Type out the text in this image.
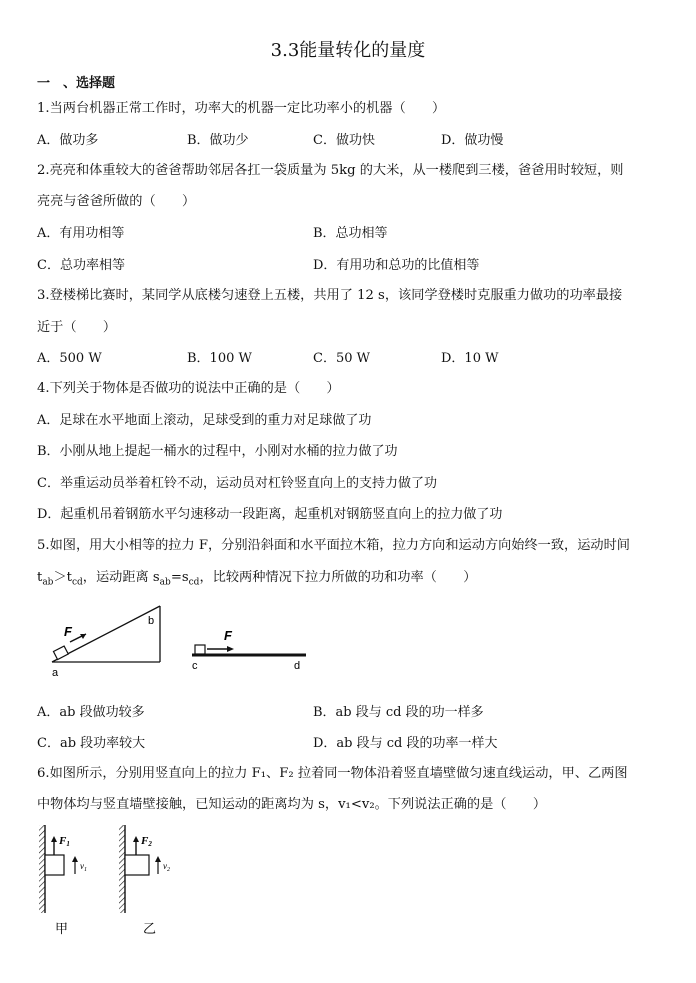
3.3能量转化的量度
一　、选择题
1.当两台机器正常工作时，功率大的机器一定比功率小的机器（　　）
A．做功多	B．做功少	C．做功快	D．做功慢
2.亮亮和体重较大的爸爸帮助邻居各扛一袋质量为 5kg 的大米，从一楼爬到三楼，爸爸用时较短，则
亮亮与爸爸所做的（　　）
A．有用功相等	B．总功相等
C．总功率相等	D．有用功和总功的比值相等
3.登楼梯比赛时，某同学从底楼匀速登上五楼，共用了 12 s，该同学登楼时克服重力做功的功率最接
近于（　　）
A．500 W	B．100 W	C．50 W	D．10 W
4.下列关于物体是否做功的说法中正确的是（　　）
A．足球在水平地面上滚动，足球受到的重力对足球做了功
B．小刚从地上提起一桶水的过程中，小刚对水桶的拉力做了功
C．举重运动员举着杠铃不动，运动员对杠铃竖直向上的支持力做了功
D．起重机吊着钢筋水平匀速移动一段距离，起重机对钢筋竖直向上的拉力做了功
5.如图，用大小相等的拉力 F，分别沿斜面和水平面拉木箱，拉力方向和运动方向始终一致，运动时间
$t_{ab}>t_{cd}$，运动距离 $s_{ab}=s_{cd}$，比较两种情况下拉力所做的功和功率（　　）
F
a
b
F
c	d
A．ab 段做功较多	B．ab 段与 cd 段的功一样多
C．ab 段功率较大	D．ab 段与 cd 段的功率一样大
6.如图所示，分别用竖直向上的拉力 F₁、F₂ 拉着同一物体沿着竖直墙壁做匀速直线运动，甲、乙两图
中物体均与竖直墙壁接触，已知运动的距离均为 s，v₁<v₂。下列说法正确的是（　　）
F1
$v_1$
甲
F2
$v_2$
乙
